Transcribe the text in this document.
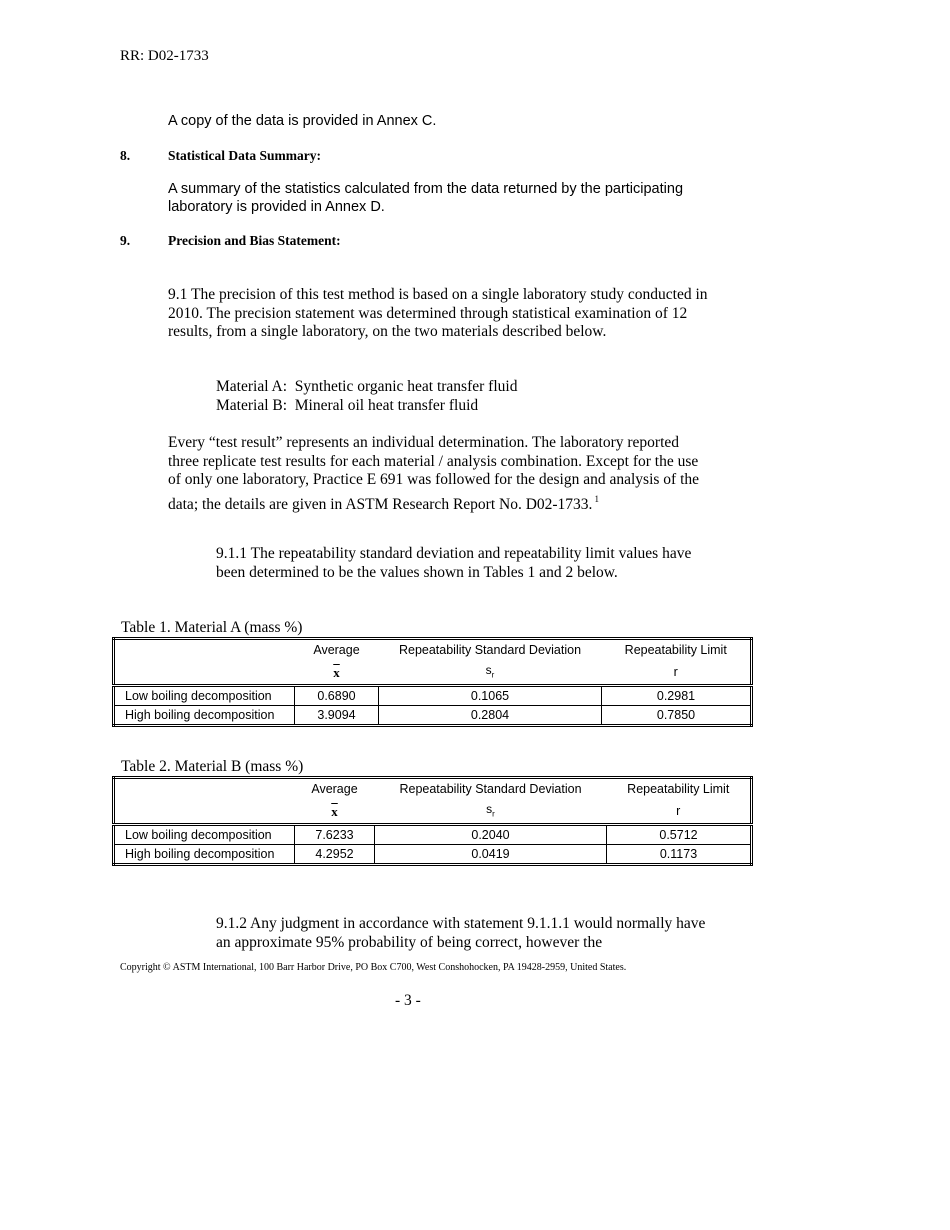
RR: D02-1733

A copy of the data is provided in Annex C.

8.	Statistical Data Summary:

A summary of the statistics calculated from the data returned by the participating laboratory is provided in Annex D.

9.	Precision and Bias Statement:

9.1 The precision of this test method is based on a single laboratory study conducted in 2010. The precision statement was determined through statistical examination of 12 results, from a single laboratory, on the two materials described below.

Material A:  Synthetic organic heat transfer fluid

Material B:  Mineral oil heat transfer fluid

Every “test result” represents an individual determination. The laboratory reported three replicate test results for each material / analysis combination. Except for the use of only one laboratory, Practice E 691 was followed for the design and analysis of the data; the details are given in ASTM Research Report No. D02-1733. $^1$

9.1.1 The repeatability standard deviation and repeatability limit values have been determined to be the values shown in Tables 1 and 2 below.

Table 1. Material A (mass %)

	Average	Repeatability Standard Deviation	Repeatability Limit
	$\overline{x}$	$s_r$	r
Low boiling decomposition	0.6890	0.1065	0.2981
High boiling decomposition	3.9094	0.2804	0.7850

Table 2. Material B (mass %)

	Average	Repeatability Standard Deviation	Repeatability Limit
	$\overline{x}$	$s_r$	r
Low boiling decomposition	7.6233	0.2040	0.5712
High boiling decomposition	4.2952	0.0419	0.1173

9.1.2 Any judgment in accordance with statement 9.1.1.1 would normally have an approximate 95% probability of being correct, however the

Copyright © ASTM International, 100 Barr Harbor Drive, PO Box C700, West Conshohocken, PA 19428-2959, United States.

- 3 -
